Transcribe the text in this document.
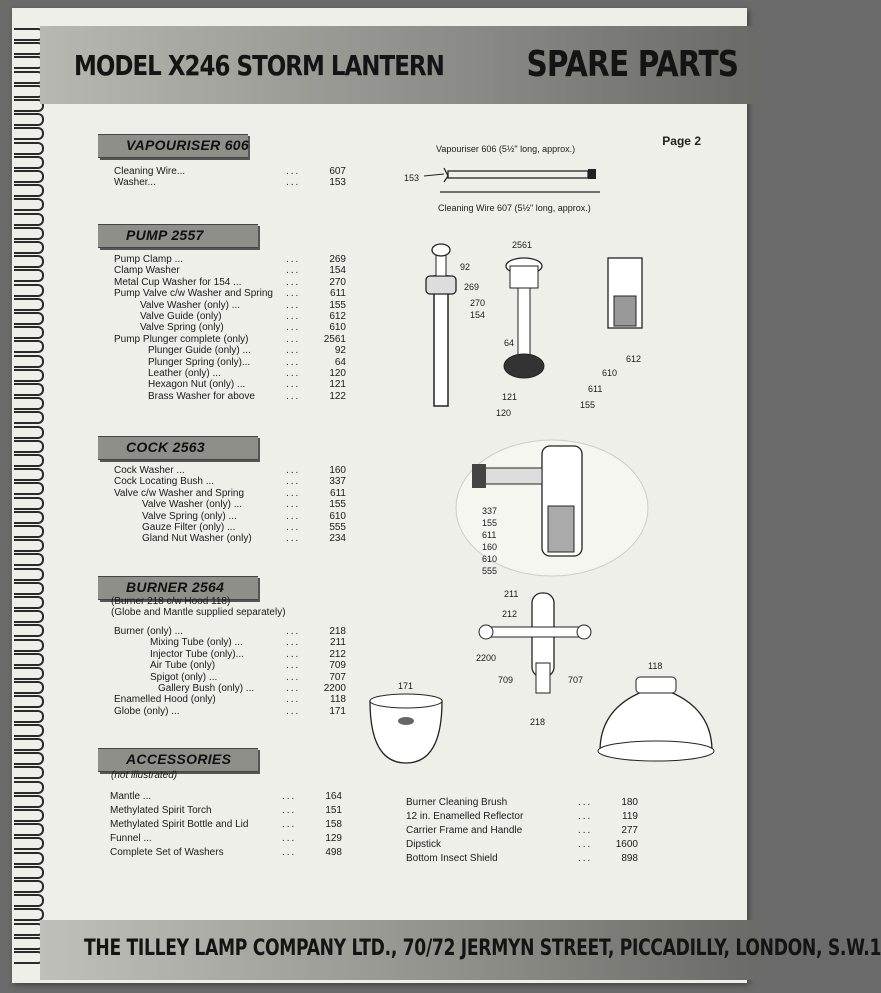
MODEL X246 STORM LANTERN SPARE PARTS
Page 2
VAPOURISER 606
Cleaning Wire...	...	607
Washer...	...	153
PUMP 2557
Pump Clamp ...	...	269
Clamp Washer	...	154
Metal Cup Washer for 154 ...	...	270
Pump Valve c/w Washer and Spring ...	611
Valve Washer (only) ...	...	155
Valve Guide (only)	...	612
Valve Spring (only)	...	610
Pump Plunger complete (only)	...	2561
Plunger Guide (only) ...	...	92
Plunger Spring (only)...	...	64
Leather (only) ...	...	120
Hexagon Nut (only) ...	...	121
Brass Washer for above	...	122
COCK 2563
Cock Washer ...	...	160
Cock Locating Bush ...	...	337
Valve c/w Washer and Spring	...	611
Valve Washer (only) ...	...	155
Valve Spring (only) ...	...	610
Gauze Filter (only) ...	...	555
Gland Nut Washer (only)	...	234
BURNER 2564
(Burner 218 c/w Hood 118)
(Globe and Mantle supplied separately)
Burner (only) ...	...	218
Mixing Tube (only) ...	...	211
Injector Tube (only)...	...	212
Air Tube (only)	...	709
Spigot (only) ...	...	707
Gallery Bush (only) ...	...	2200
Enamelled Hood (only)	...	118
Globe (only) ...	...	171
ACCESSORIES
(not illustrated)
Mantle ...	...	164
Methylated Spirit Torch	...	151
Methylated Spirit Bottle and Lid	...	158
Funnel ...	...	129
Complete Set of Washers	...	498
Burner Cleaning Brush	...	180
12 in. Enamelled Reflector	...	119
Carrier Frame and Handle	...	277
Dipstick	...	1600
Bottom Insect Shield	...	898
Vapouriser 606 (5½" long, approx.)
153
Cleaning Wire 607 (5½" long, approx.)
92
269
270
154
2561
64
121
120
612
610
611
155
337
155
611
160
610
555
211
212
2200
709	707
218
171
118
THE TILLEY LAMP COMPANY LTD., 70/72 JERMYN STREET, PICCADILLY, LONDON, S.W.1
